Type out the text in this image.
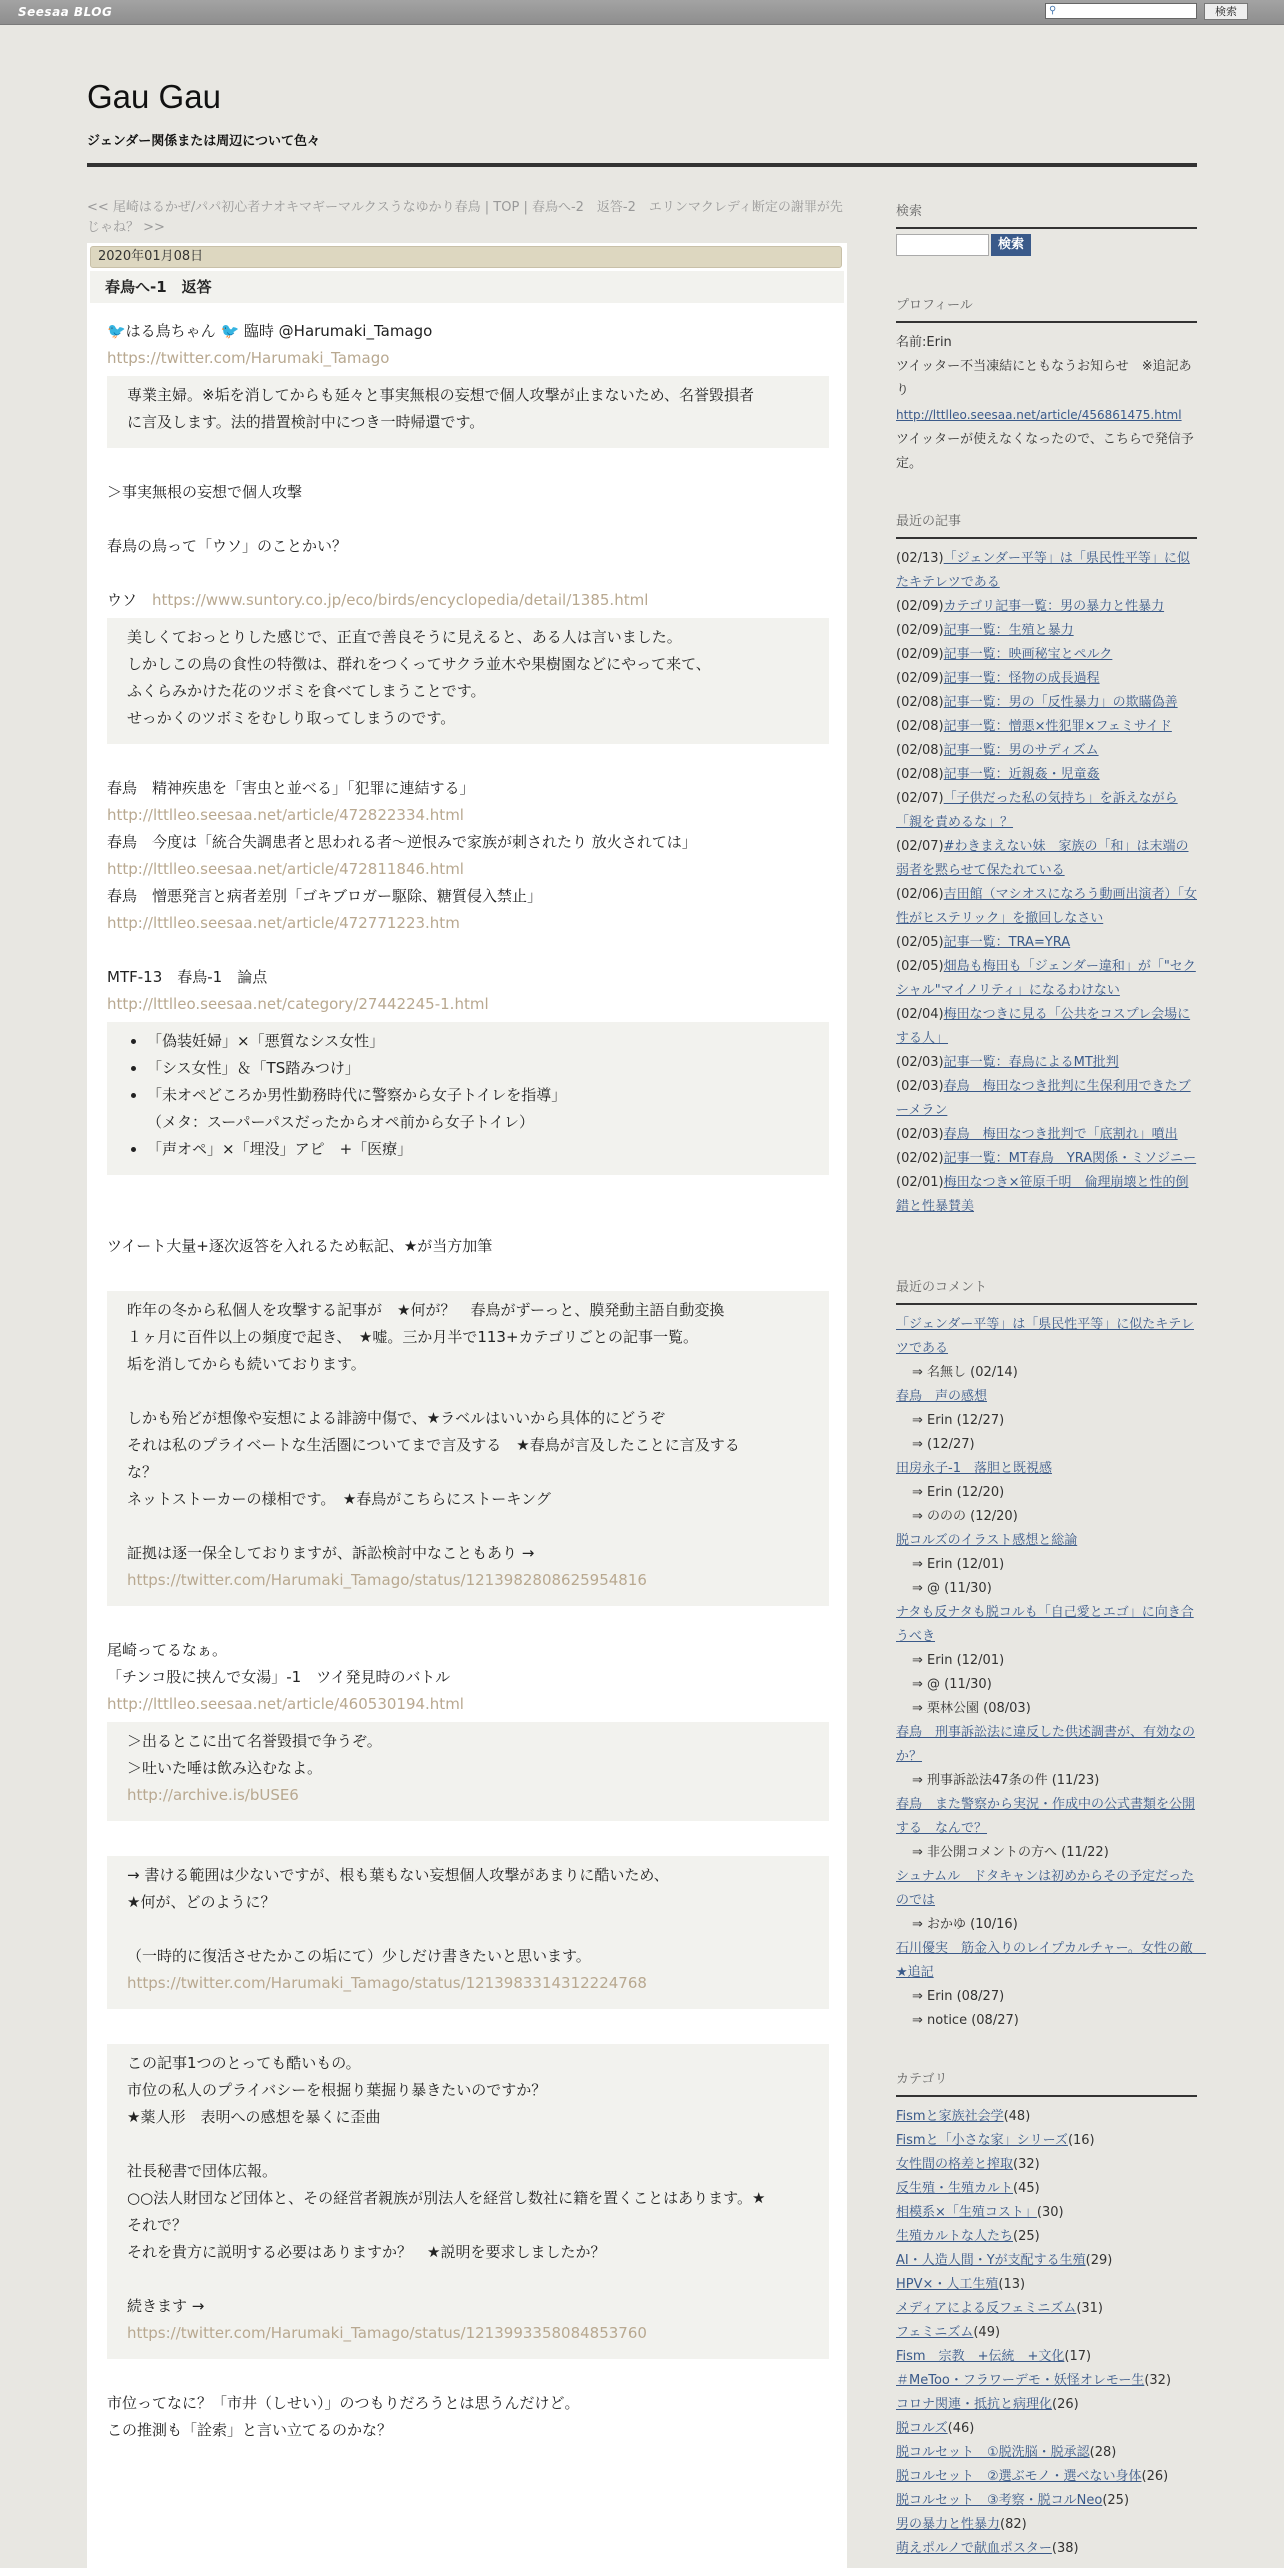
Seesaa BLOG	⚲	検索
Gau Gau
ジェンダー関係または周辺について色々
<< 尾崎はるかぜ/パパ初心者ナオキマギーマルクスうなゆかり春鳥 | TOP | 春鳥へ-2　返答-2　エリンマクレディ断定の謝罪が先じゃね？ >>
2020年01月08日
春鳥へ-1　返答
🐦はる鳥ちゃん 🐦 臨時 @Harumaki_Tamago
https://twitter.com/Harumaki_Tamago
専業主婦。※垢を消してからも延々と事実無根の妄想で個人攻撃が止まないため、名誉毀損者
に言及します。法的措置検討中につき一時帰還です。
＞事実無根の妄想で個人攻撃
春鳥の鳥って「ウソ」のことかい？
ウソ　https://www.suntory.co.jp/eco/birds/encyclopedia/detail/1385.html
美しくておっとりした感じで、正直で善良そうに見えると、ある人は言いました。
しかしこの鳥の食性の特徴は、群れをつくってサクラ並木や果樹園などにやって来て、
ふくらみかけた花のツボミを食べてしまうことです。
せっかくのツボミをむしり取ってしまうのです。
春鳥　精神疾患を「害虫と並べる」「犯罪に連結する」
http://lttlleo.seesaa.net/article/472822334.html
春鳥　今度は「統合失調患者と思われる者～逆恨みで家族が刺されたり 放火されては」
http://lttlleo.seesaa.net/article/472811846.html
春鳥　憎悪発言と病者差別「ゴキブロガー駆除、糖質侵入禁止」
http://lttlleo.seesaa.net/article/472771223.htm
MTF-13　春鳥-1　論点
http://lttlleo.seesaa.net/category/27442245-1.html
• 「偽装妊婦」×「悪質なシス女性」
• 「シス女性」＆「TS踏みつけ」
• 「未オペどころか男性勤務時代に警察から女子トイレを指導」
（メタ：スーパーパスだったからオペ前から女子トイレ）
• 「声オペ」×「埋没」アピ　+「医療」
ツイート大量+逐次返答を入れるため転記、★が当方加筆
昨年の冬から私個人を攻撃する記事が　★何が？　春鳥がずーっと、膜発動主語自動変換
１ヶ月に百件以上の頻度で起き、　★嘘。三か月半で113+カテゴリごとの記事一覧。
垢を消してからも続いております。

しかも殆どが想像や妄想による誹謗中傷で、★ラベルはいいから具体的にどうぞ
それは私のプライベートな生活圏についてまで言及する　★春鳥が言及したことに言及する
な？
ネットストーカーの様相です。　★春鳥がこちらにストーキング

証拠は逐一保全しておりますが、訴訟検討中なこともあり →
https://twitter.com/Harumaki_Tamago/status/1213982808625954816
尾崎ってるなぁ。
「チンコ股に挟んで女湯」-1　ツイ発見時のバトル
http://lttlleo.seesaa.net/article/460530194.html
＞出るとこに出て名誉毀損で争うぞ。
＞吐いた唾は飲み込むなよ。
http://archive.is/bUSE6
→ 書ける範囲は少ないですが、根も葉もない妄想個人攻撃があまりに酷いため、
★何が、どのように？

（一時的に復活させたかこの垢にて）少しだけ書きたいと思います。
https://twitter.com/Harumaki_Tamago/status/1213983314312224768
この記事1つのとっても酷いもの。
市位の私人のプライバシーを根掘り葉掘り暴きたいのですか？
★薬人形　表明への感想を暴くに歪曲

社長秘書で団体広報。
○○法人財団など団体と、その経営者親族が別法人を経営し数社に籍を置くことはあります。★
それで？
それを貴方に説明する必要はありますか？　★説明を要求しましたか？

続きます →
https://twitter.com/Harumaki_Tamago/status/1213993358084853760
市位ってなに？「市井（しせい）」のつもりだろうとは思うんだけど。
この推測も「詮索」と言い立てるのかな？
検索
検索
プロフィール
名前:Erin
ツイッター不当凍結にともなうお知らせ　※追記あり
http://lttlleo.seesaa.net/article/456861475.html
ツイッターが使えなくなったので、こちらで発信予定。
最近の記事
(02/13)「ジェンダー平等」は「県民性平等」に似たキテレツである
(02/09)カテゴリ記事一覧：男の暴力と性暴力
(02/09)記事一覧：生殖と暴力
(02/09)記事一覧：映画秘宝とペルク
(02/09)記事一覧：怪物の成長過程
(02/08)記事一覧：男の「反性暴力」の欺瞞偽善
(02/08)記事一覧：憎悪×性犯罪×フェミサイド
(02/08)記事一覧：男のサディズム
(02/08)記事一覧：近親姦・児童姦
(02/07)「子供だった私の気持ち」を訴えながら「親を責めるな」？
(02/07)#わきまえない妹　家族の「和」は末端の弱者を黙らせて保たれている
(02/06)吉田館（マシオスになろう動画出演者）「女性がヒステリック」を撤回しなさい
(02/05)記事一覧：TRA=YRA
(02/05)畑島も梅田も「ジェンダー違和」が「"セクシャル"マイノリティ」になるわけない
(02/04)梅田なつきに見る「公共をコスプレ会場にする人」
(02/03)記事一覧：春鳥によるMT批判
(02/03)春鳥　梅田なつき批判に生保利用できたブーメラン
(02/03)春鳥　梅田なつき批判で「底割れ」噴出
(02/02)記事一覧：MT春鳥　YRA関係・ミソジニー
(02/01)梅田なつき×笹原千明　倫理崩壊と性的倒錯と性暴賛美
最近のコメント
「ジェンダー平等」は「県民性平等」に似たキテレツである
⇒ 名無し (02/14)
春鳥　声の感想
⇒ Erin (12/27)
⇒ (12/27)
田房永子-1　落胆と既視感
⇒ Erin (12/20)
⇒ ののの (12/20)
脱コルズのイラスト感想と総論
⇒ Erin (12/01)
⇒ @ (11/30)
ナタも反ナタも脱コルも「自己愛とエゴ」に向き合うべき
⇒ Erin (12/01)
⇒ @ (11/30)
⇒ 栗林公園 (08/03)
春鳥　刑事訴訟法に違反した供述調書が、有効なのか？
⇒ 刑事訴訟法47条の件 (11/23)
春鳥　また警察から実況・作成中の公式書類を公開する　なんで？
⇒ 非公開コメントの方へ (11/22)
シュナムル　ドタキャンは初めからその予定だったのでは
⇒ おかゆ (10/16)
石川優実　筋金入りのレイプカルチャー。女性の敵　★追記
⇒ Erin (08/27)
⇒ notice (08/27)
カテゴリ
Fismと家族社会学(48)
Fismと「小さな家」シリーズ(16)
女性間の格差と搾取(32)
反生殖・生殖カルト(45)
相模系×「生殖コスト」(30)
生殖カルトな人たち(25)
AI・人造人間・Yが支配する生殖(29)
HPV×・人工生殖(13)
メディアによる反フェミニズム(31)
フェミニズム(49)
Fism　宗教　+伝統　+文化(17)
＃MeToo・フラワーデモ・妖怪オレモー生(32)
コロナ関連・抵抗と病理化(26)
脱コルズ(46)
脱コルセット　①脱洗脳・脱承認(28)
脱コルセット　②選ぶモノ・選べない身体(26)
脱コルセット　③考察・脱コルNeo(25)
男の暴力と性暴力(82)
萌えポルノで献血ポスター(38)
